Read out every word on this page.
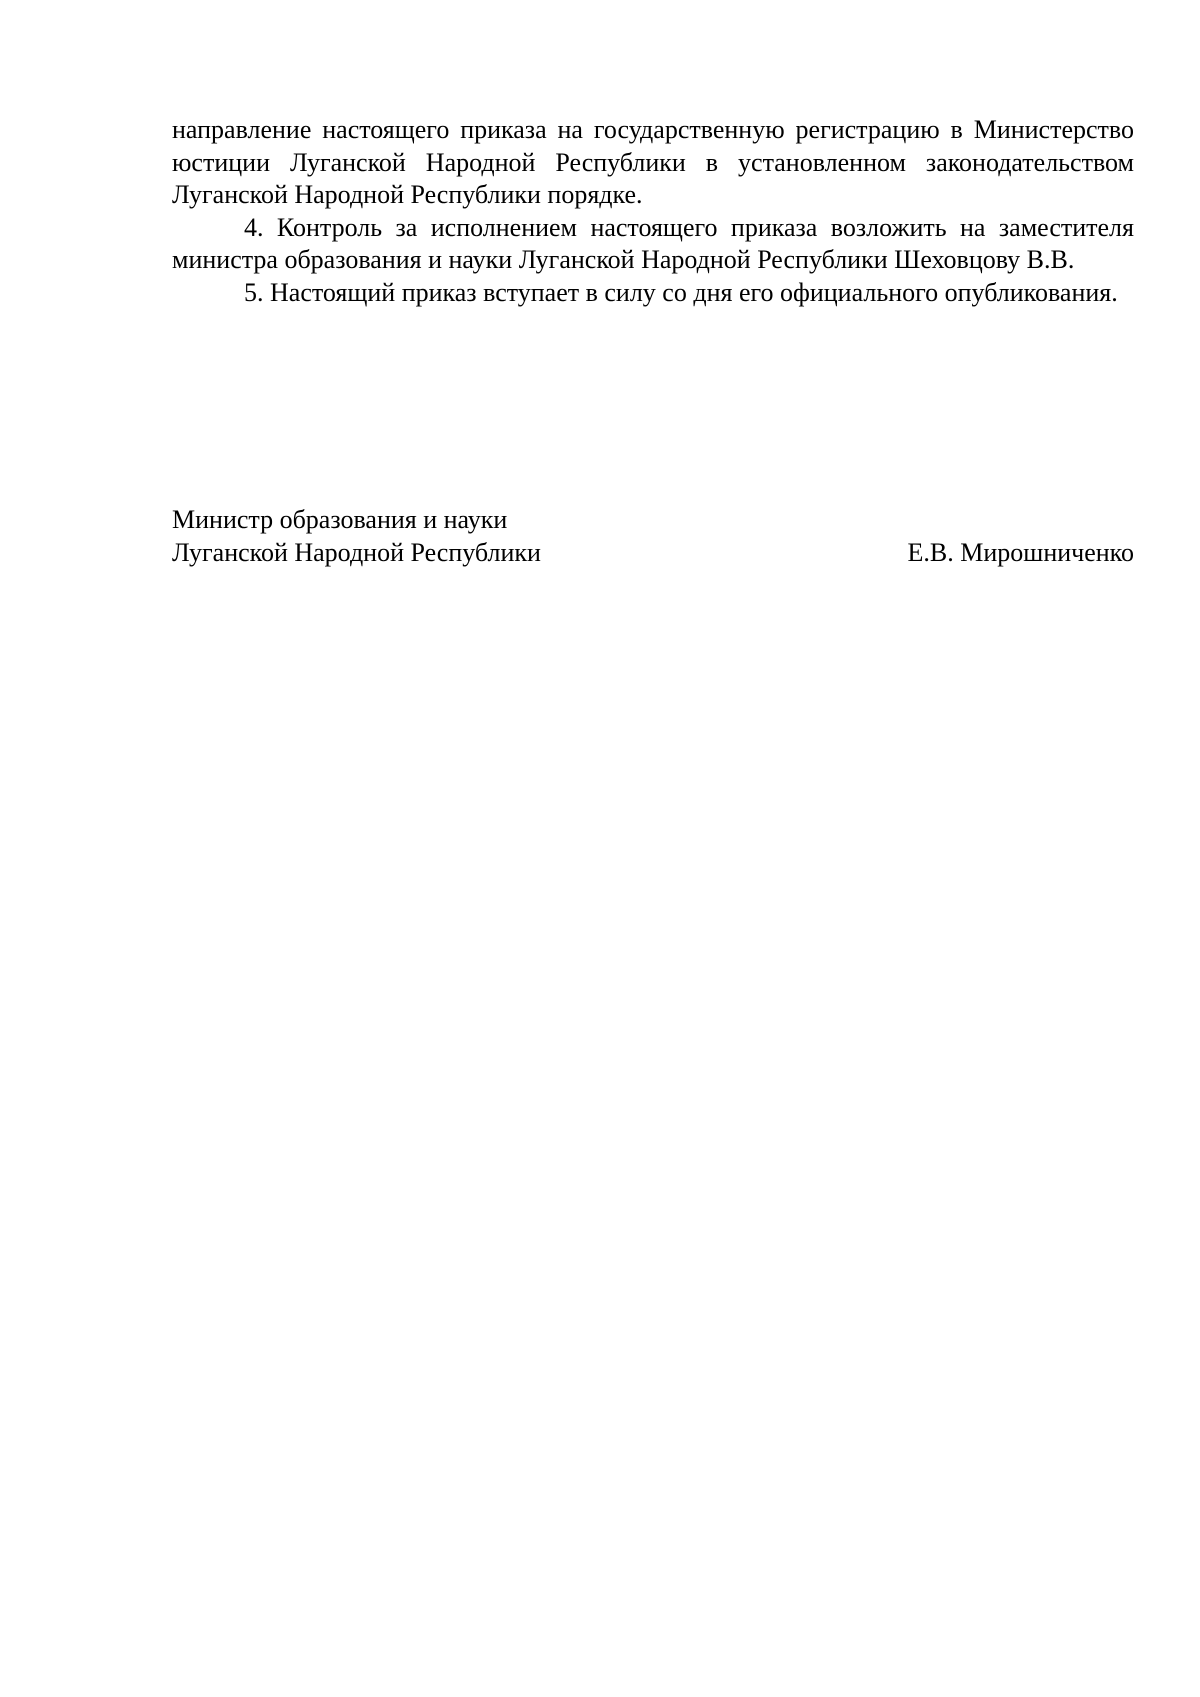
направление настоящего приказа на государственную регистрацию в Министерство юстиции Луганской Народной Республики в установленном законодательством Луганской Народной Республики порядке.

4. Контроль за исполнением настоящего приказа возложить на заместителя министра образования и науки Луганской Народной Республики Шеховцову В.В.

5. Настоящий приказ вступает в силу со дня его официального опубликования.

Министр образования и науки
Луганской Народной Республики	Е.В. Мирошниченко
